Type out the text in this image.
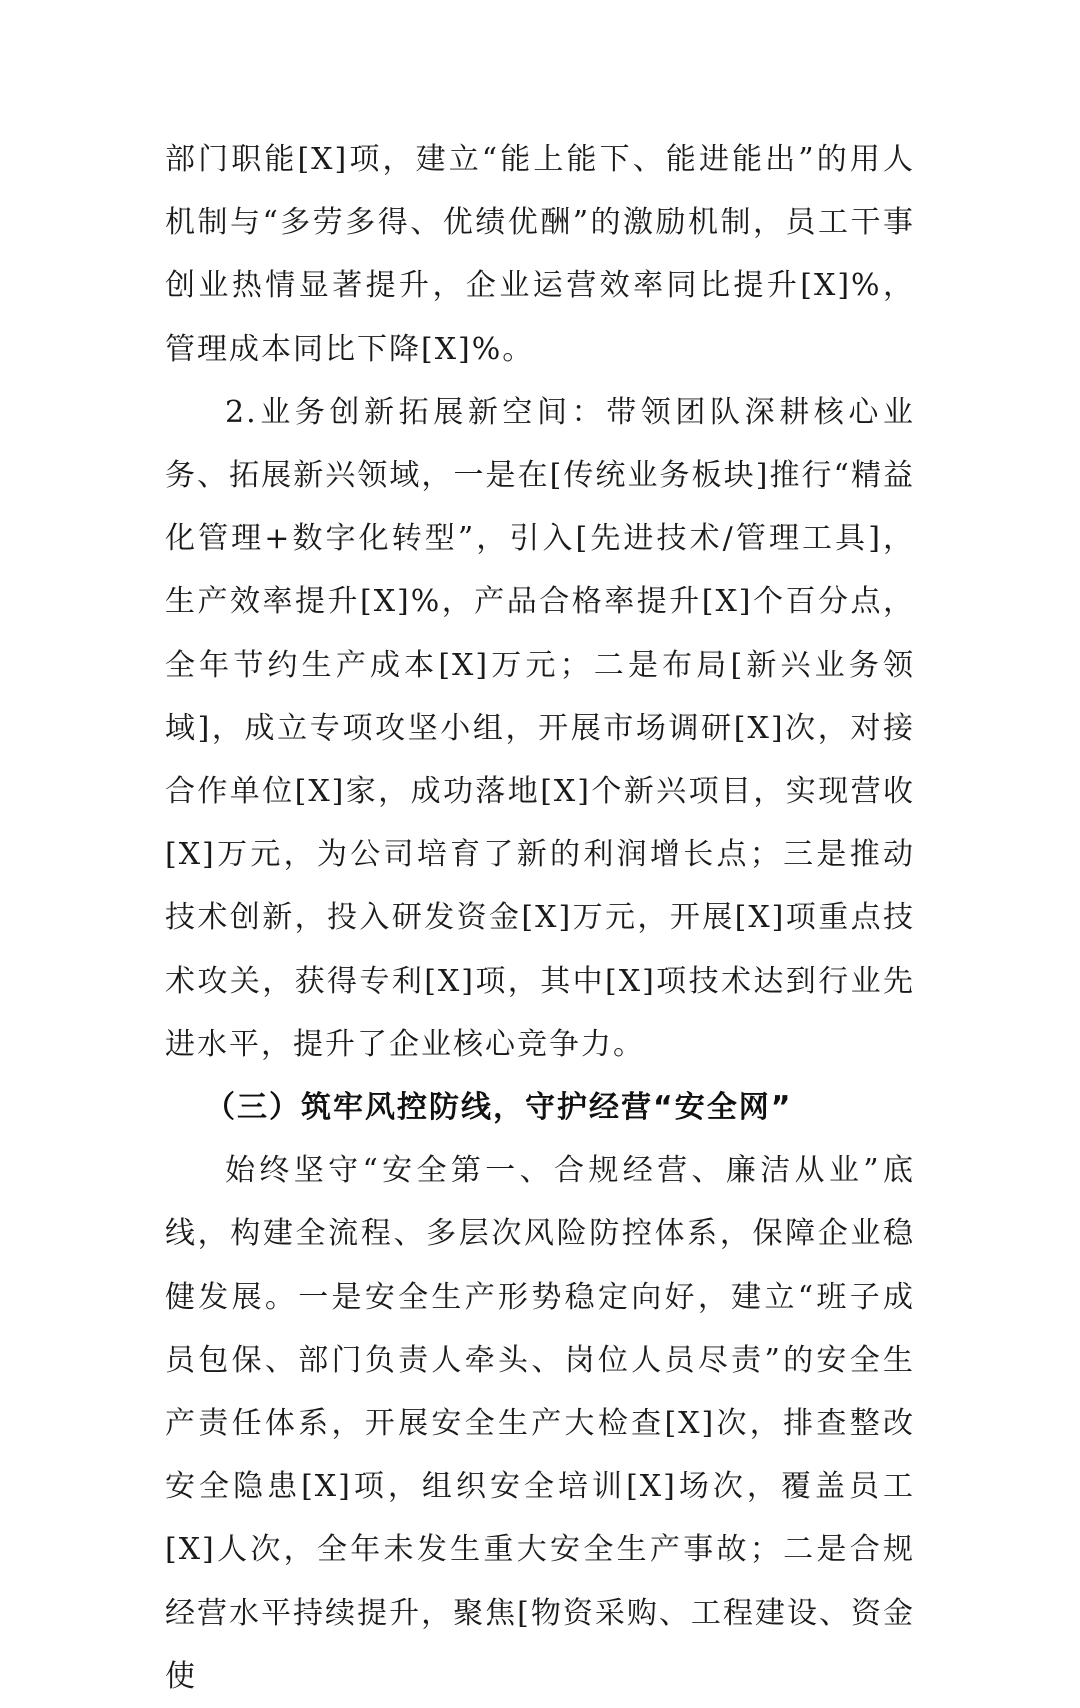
部门职能[X]项，建立“能上能下、能进能出”的用人机制与“多劳多得、优绩优酬”的激励机制，员工干事创业热情显著提升，企业运营效率同比提升[X]%，管理成本同比下降[X]%。

2.业务创新拓展新空间：带领团队深耕核心业务、拓展新兴领域，一是在[传统业务板块]推行“精益化管理+数字化转型”，引入[先进技术/管理工具]，生产效率提升[X]%，产品合格率提升[X]个百分点，全年节约生产成本[X]万元；二是布局[新兴业务领域]，成立专项攻坚小组，开展市场调研[X]次，对接合作单位[X]家，成功落地[X]个新兴项目，实现营收[X]万元，为公司培育了新的利润增长点；三是推动技术创新，投入研发资金[X]万元，开展[X]项重点技术攻关，获得专利[X]项，其中[X]项技术达到行业先进水平，提升了企业核心竞争力。

（三）筑牢风控防线，守护经营“安全网”

始终坚守“安全第一、合规经营、廉洁从业”底线，构建全流程、多层次风险防控体系，保障企业稳健发展。一是安全生产形势稳定向好，建立“班子成员包保、部门负责人牵头、岗位人员尽责”的安全生产责任体系，开展安全生产大检查[X]次，排查整改安全隐患[X]项，组织安全培训[X]场次，覆盖员工[X]人次，全年未发生重大安全生产事故；二是合规经营水平持续提升，聚焦[物资采购、工程建设、资金使
